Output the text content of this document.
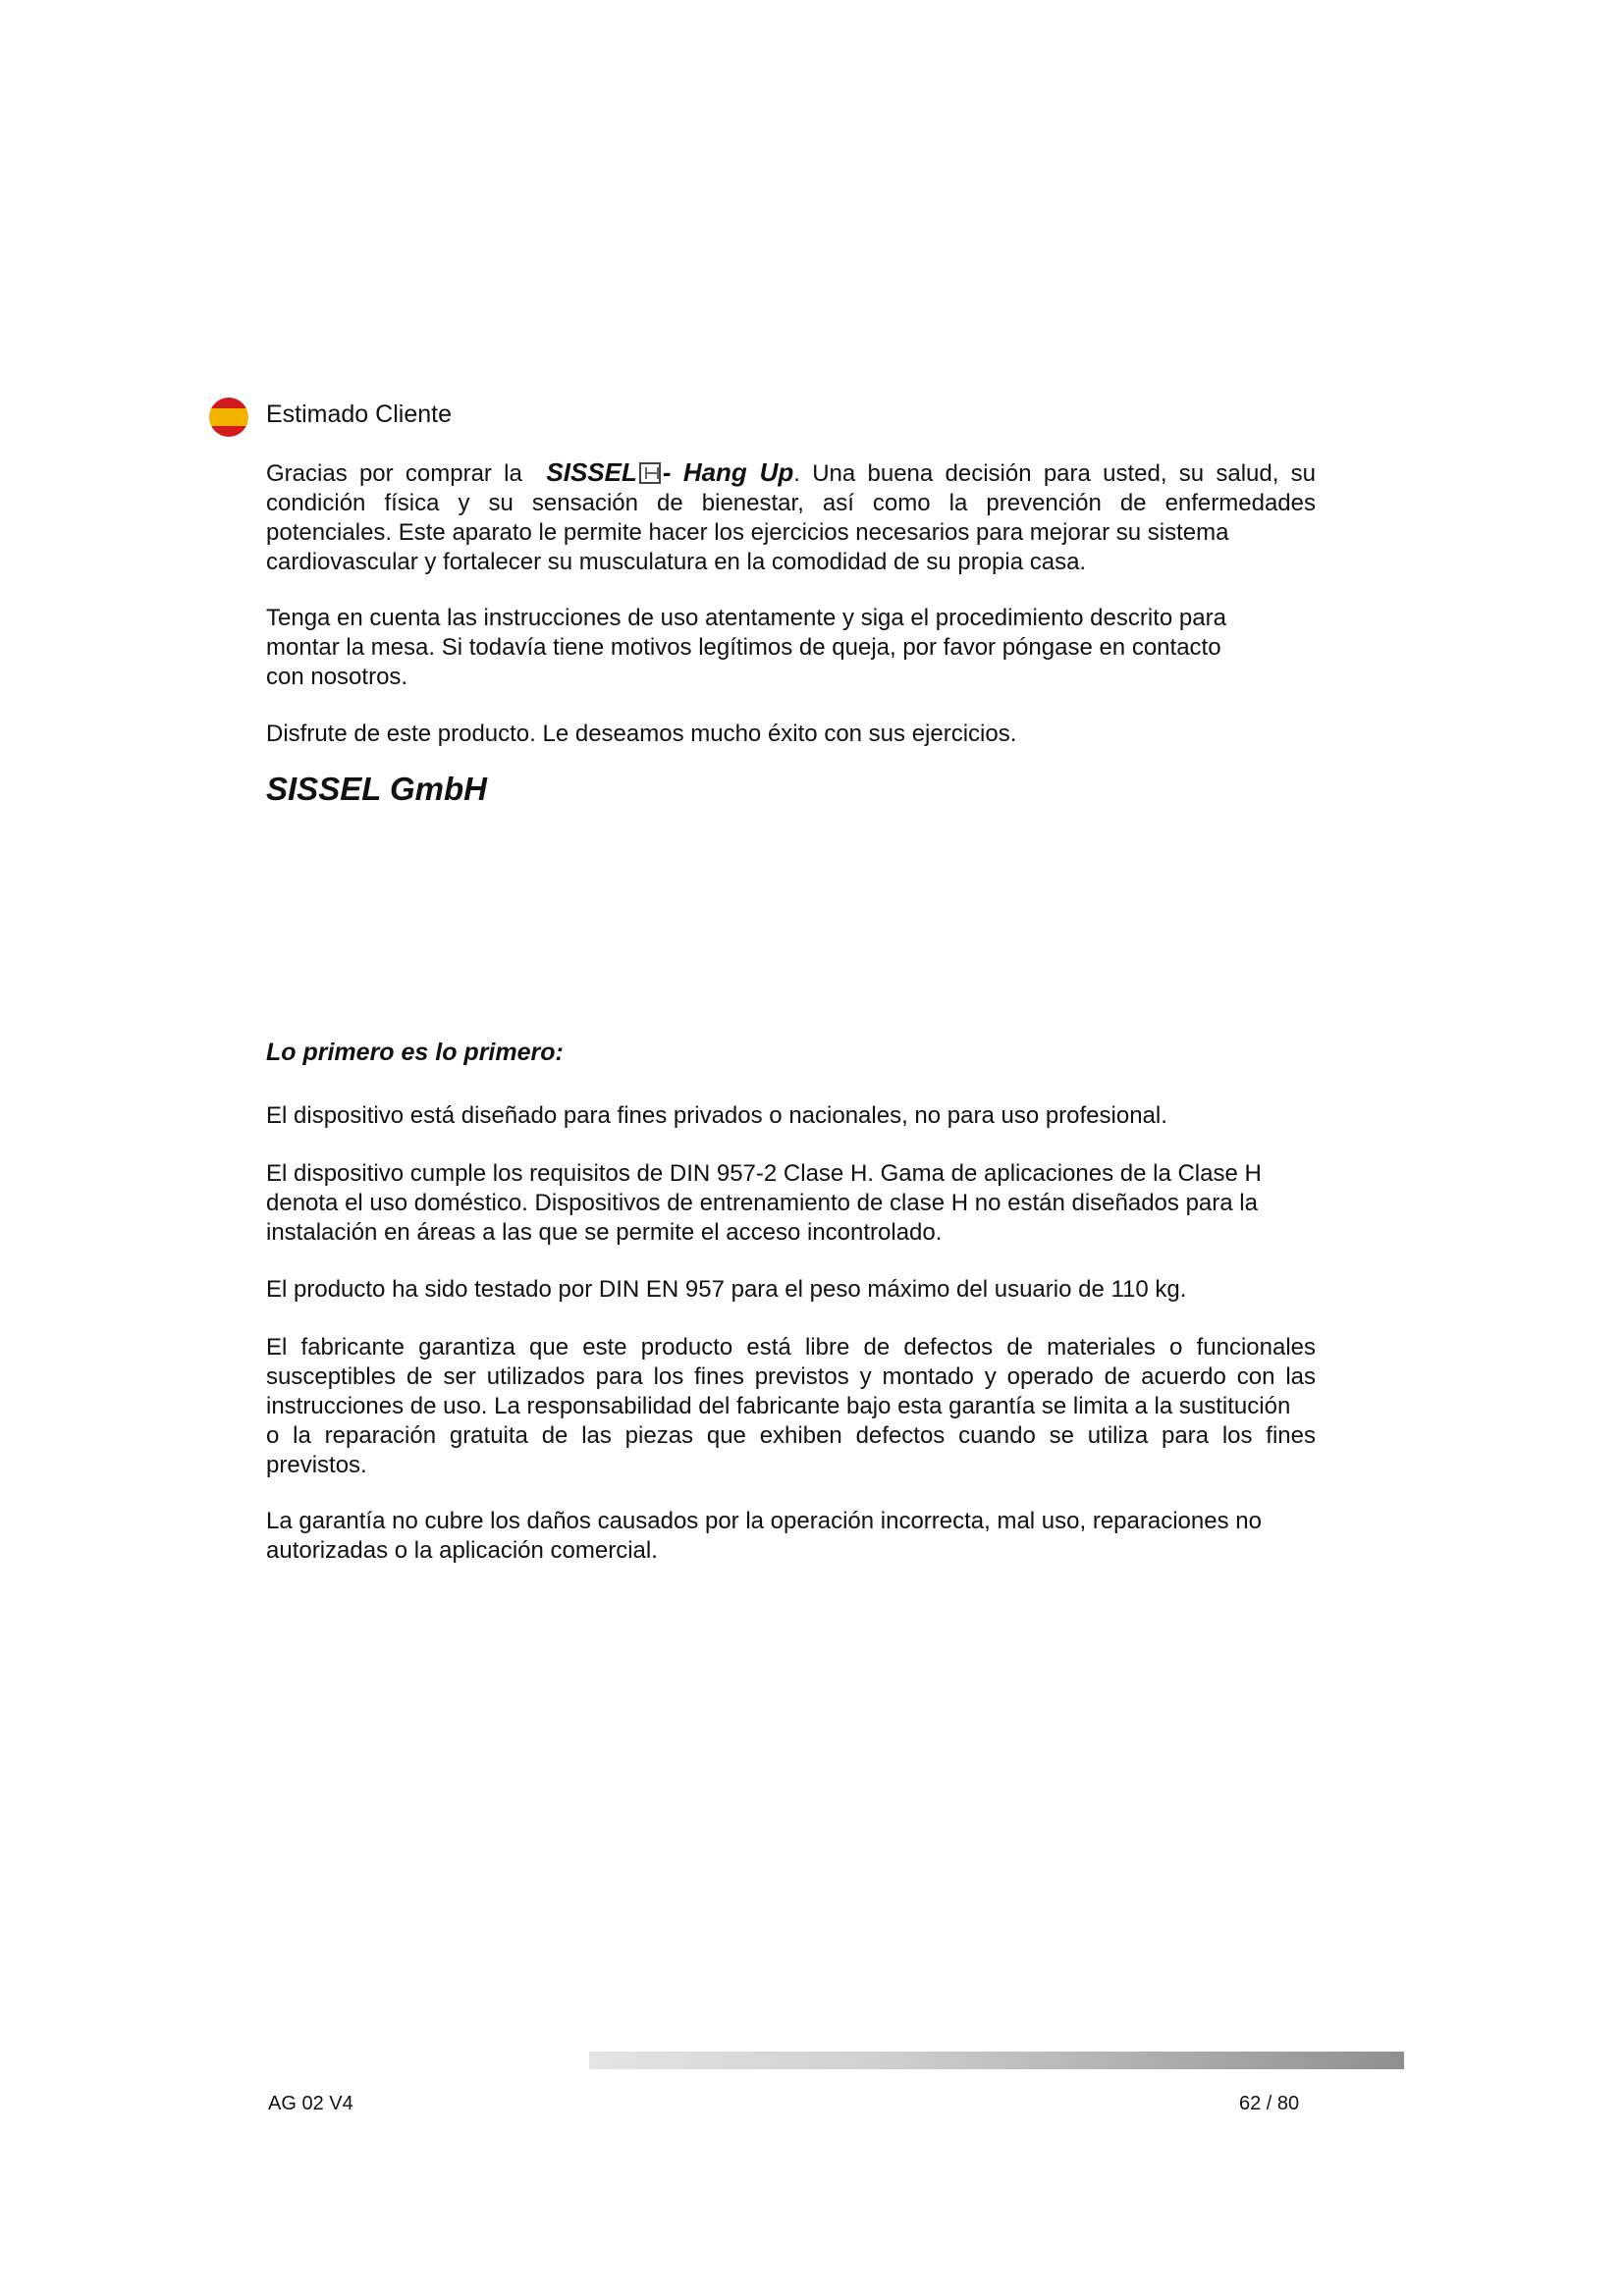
Estimado Cliente
Gracias por comprar la SISSEL - Hang Up. Una buena decisión para usted, su salud, su
condición física y su sensación de bienestar, así como la prevención de enfermedades
potenciales. Este aparato le permite hacer los ejercicios necesarios para mejorar su sistema
cardiovascular y fortalecer su musculatura en la comodidad de su propia casa.
Tenga en cuenta las instrucciones de uso atentamente y siga el procedimiento descrito para
montar la mesa. Si todavía tiene motivos legítimos de queja, por favor póngase en contacto
con nosotros.
Disfrute de este producto. Le deseamos mucho éxito con sus ejercicios.
SISSEL GmbH
Lo primero es lo primero:
El dispositivo está diseñado para fines privados o nacionales, no para uso profesional.
El dispositivo cumple los requisitos de DIN 957-2 Clase H. Gama de aplicaciones de la Clase H
denota el uso doméstico. Dispositivos de entrenamiento de clase H no están diseñados para la
instalación en áreas a las que se permite el acceso incontrolado.
El producto ha sido testado por DIN EN 957 para el peso máximo del usuario de 110 kg.
El fabricante garantiza que este producto está libre de defectos de materiales o funcionales
susceptibles de ser utilizados para los fines previstos y montado y operado de acuerdo con las
instrucciones de uso. La responsabilidad del fabricante bajo esta garantía se limita a la sustitución
o la reparación gratuita de las piezas que exhiben defectos cuando se utiliza para los fines
previstos.
La garantía no cubre los daños causados por la operación incorrecta, mal uso, reparaciones no
autorizadas o la aplicación comercial.
AG 02 V4	62 / 80
